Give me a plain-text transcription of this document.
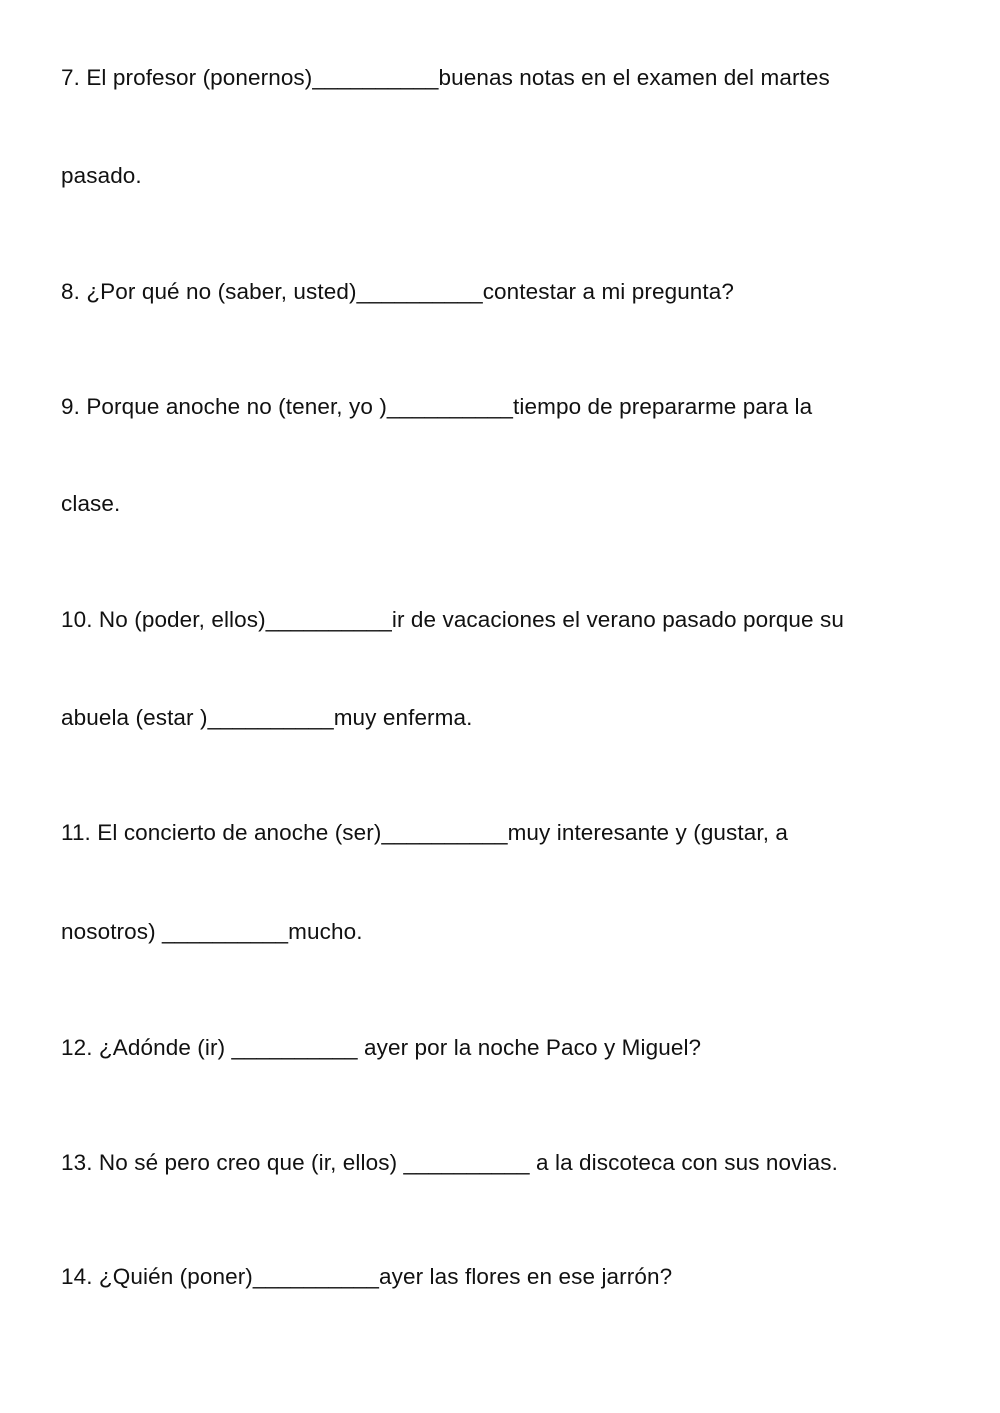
7. El profesor (ponernos)__________buenas notas en el examen del martes
pasado.
8. ¿Por qué no (saber, usted)__________contestar a mi pregunta?
9. Porque anoche no (tener, yo )__________tiempo de prepararme para la
clase.
10. No (poder, ellos)__________ir de vacaciones el verano pasado porque su
abuela (estar )__________muy enferma.
11. El concierto de anoche (ser)__________muy interesante y (gustar, a
nosotros) __________mucho.
12. ¿Adónde (ir) __________ ayer por la noche Paco y Miguel?
13. No sé pero creo que (ir, ellos) __________ a la discoteca con sus novias.
14. ¿Quién (poner)__________ayer las flores en ese jarrón?
